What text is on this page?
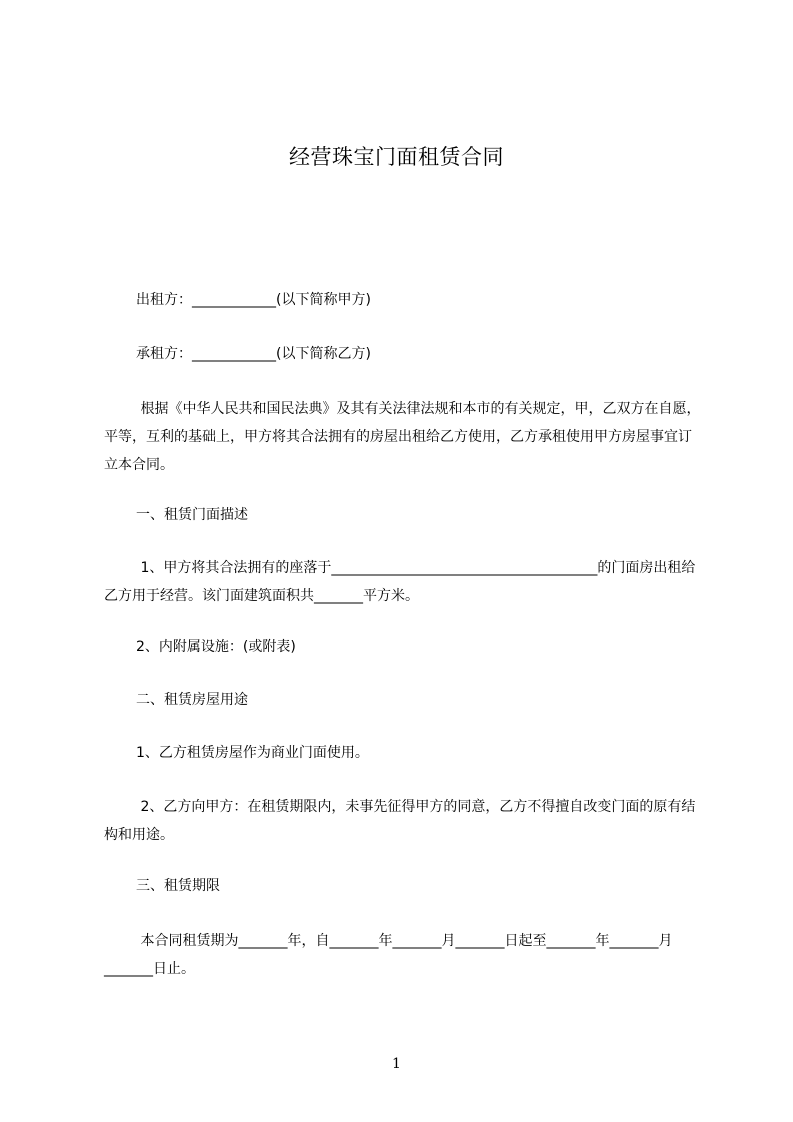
经营珠宝门面租赁合同

出租方：____________(以下简称甲方)

承租方：____________(以下简称乙方)

根据《中华人民共和国民法典》及其有关法律法规和本市的有关规定，甲，乙双方在自愿，平等，互利的基础上，甲方将其合法拥有的房屋出租给乙方使用，乙方承租使用甲方房屋事宜订立本合同。

一、租赁门面描述

1、甲方将其合法拥有的座落于______________________________________的门面房出租给乙方用于经营。该门面建筑面积共_______平方米。

2、内附属设施：(或附表)

二、租赁房屋用途

1、乙方租赁房屋作为商业门面使用。

2、乙方向甲方：在租赁期限内，未事先征得甲方的同意，乙方不得擅自改变门面的原有结构和用途。

三、租赁期限

本合同租赁期为_______年，自_______年_______月_______日起至_______年_______月_______日止。

1
